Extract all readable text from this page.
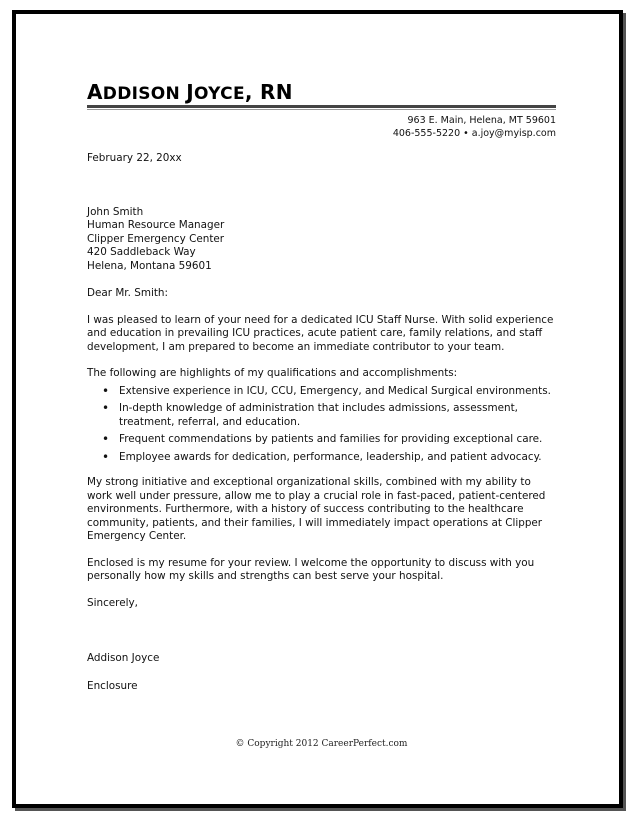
ADDISON JOYCE, RN
963 E. Main, Helena, MT 59601
406-555-5220 • a.joy@myisp.com

February 22, 20xx

John Smith

Human Resource Manager

Clipper Emergency Center

420 Saddleback Way

Helena, Montana 59601

Dear Mr. Smith:

I was pleased to learn of your need for a dedicated ICU Staff Nurse. With solid experience and education in prevailing ICU practices, acute patient care, family relations, and staff development, I am prepared to become an immediate contributor to your team.

The following are highlights of my qualifications and accomplishments:

• Extensive experience in ICU, CCU, Emergency, and Medical Surgical environments.
• In-depth knowledge of administration that includes admissions, assessment, treatment, referral, and education.
• Frequent commendations by patients and families for providing exceptional care.
• Employee awards for dedication, performance, leadership, and patient advocacy.

My strong initiative and exceptional organizational skills, combined with my ability to work well under pressure, allow me to play a crucial role in fast-paced, patient-centered environments. Furthermore, with a history of success contributing to the healthcare community, patients, and their families, I will immediately impact operations at Clipper Emergency Center.

Enclosed is my resume for your review. I welcome the opportunity to discuss with you personally how my skills and strengths can best serve your hospital.

Sincerely,

Addison Joyce

Enclosure

© Copyright 2012 CareerPerfect.com
